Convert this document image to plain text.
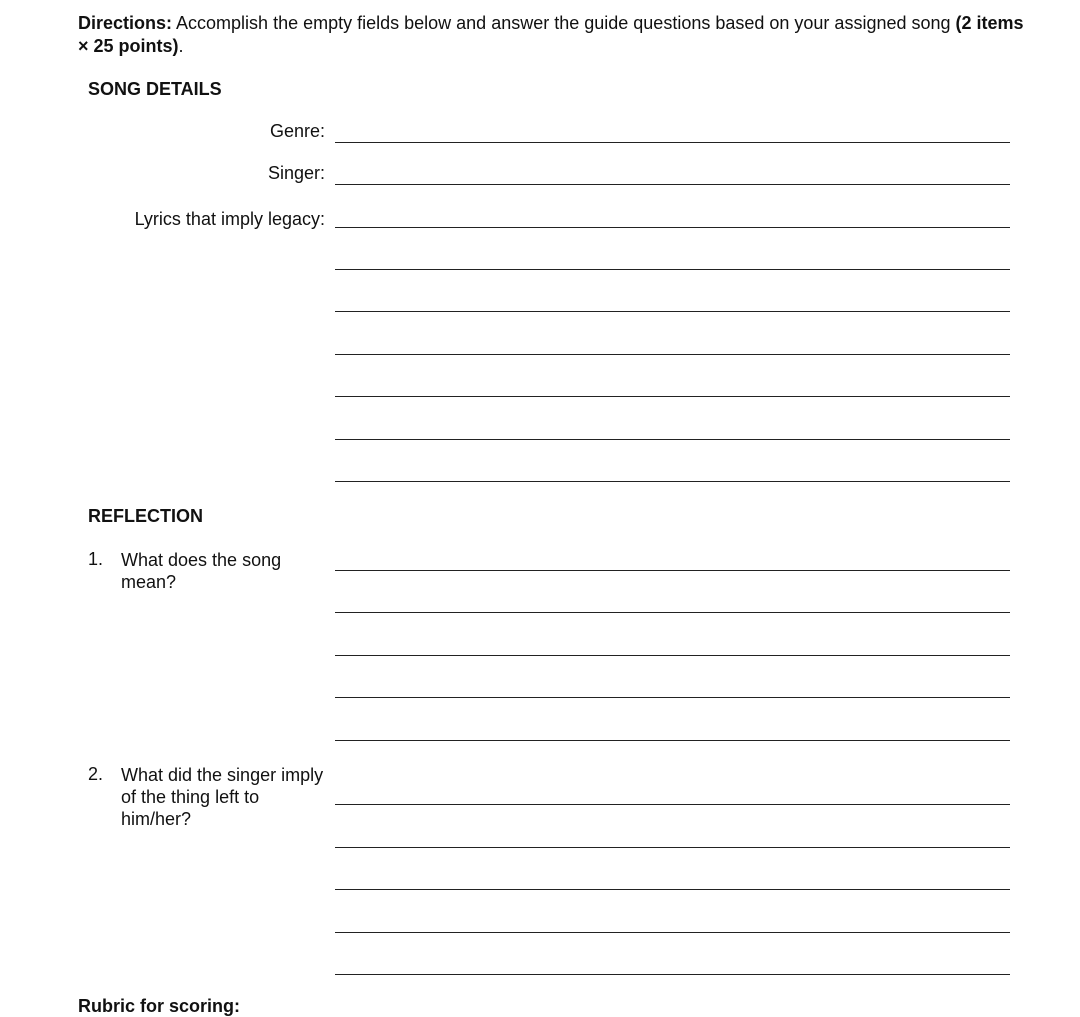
Directions: Accomplish the empty fields below and answer the guide questions based on your assigned song (2 items × 25 points).
SONG DETAILS
Genre:
Singer:
Lyrics that imply legacy:
REFLECTION
1. What does the song mean?
2. What did the singer imply of the thing left to him/her?
Rubric for scoring:
